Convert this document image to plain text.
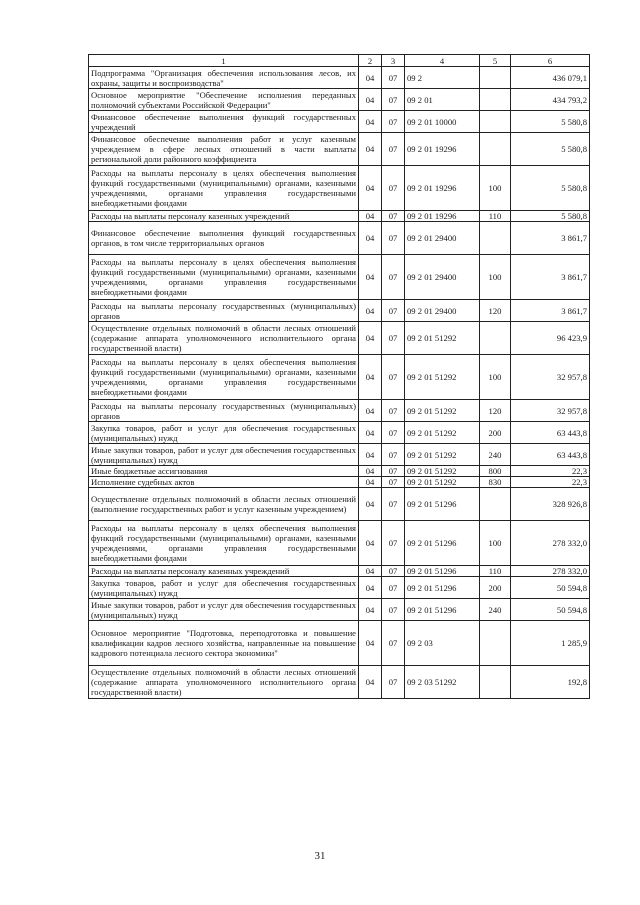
1	2	3	4	5	6
Подпрограмма "Организация обеспечения использования лесов, их охраны, защиты и воспроизводства"	04	07	09 2		436 079,1
Основное мероприятие "Обеспечение исполнения переданных полномочий субъектами Российской Федерации"	04	07	09 2 01		434 793,2
Финансовое обеспечение выполнения функций государственных учреждений	04	07	09 2 01 10000		5 580,8
Финансовое обеспечение выполнения работ и услуг казенным учреждением в сфере лесных отношений в части выплаты региональной доли районного коэффициента	04	07	09 2 01 19296		5 580,8
Расходы на выплаты персоналу в целях обеспечения выполнения функций государственными (муниципальными) органами, казенными учреждениями, органами управления государственными внебюджетными фондами	04	07	09 2 01 19296	100	5 580,8
Расходы на выплаты персоналу казенных учреждений	04	07	09 2 01 19296	110	5 580,8
Финансовое обеспечение выполнения функций государственных органов, в том числе территориальных органов	04	07	09 2 01 29400		3 861,7
Расходы на выплаты персоналу в целях обеспечения выполнения функций государственными (муниципальными) органами, казенными учреждениями, органами управления государственными внебюджетными фондами	04	07	09 2 01 29400	100	3 861,7
Расходы на выплаты персоналу государственных (муниципальных) органов	04	07	09 2 01 29400	120	3 861,7
Осуществление отдельных полномочий в области лесных отношений (содержание аппарата уполномоченного исполнительного органа государственной власти)	04	07	09 2 01 51292		96 423,9
Расходы на выплаты персоналу в целях обеспечения выполнения функций государственными (муниципальными) органами, казенными учреждениями, органами управления государственными внебюджетными фондами	04	07	09 2 01 51292	100	32 957,8
Расходы на выплаты персоналу государственных (муниципальных) органов	04	07	09 2 01 51292	120	32 957,8
Закупка товаров, работ и услуг для обеспечения государственных (муниципальных) нужд	04	07	09 2 01 51292	200	63 443,8
Иные закупки товаров, работ и услуг для обеспечения государственных (муниципальных) нужд	04	07	09 2 01 51292	240	63 443,8
Иные бюджетные ассигнования	04	07	09 2 01 51292	800	22,3
Исполнение судебных актов	04	07	09 2 01 51292	830	22,3
Осуществление отдельных полномочий в области лесных отношений (выполнение государственных работ и услуг казенным учреждением)	04	07	09 2 01 51296		328 926,8
Расходы на выплаты персоналу в целях обеспечения выполнения функций государственными (муниципальными) органами, казенными учреждениями, органами управления государственными внебюджетными фондами	04	07	09 2 01 51296	100	278 332,0
Расходы на выплаты персоналу казенных учреждений	04	07	09 2 01 51296	110	278 332,0
Закупка товаров, работ и услуг для обеспечения государственных (муниципальных) нужд	04	07	09 2 01 51296	200	50 594,8
Иные закупки товаров, работ и услуг для обеспечения государственных (муниципальных) нужд	04	07	09 2 01 51296	240	50 594,8
Основное мероприятие "Подготовка, переподготовка и повышение квалификации кадров лесного хозяйства, направленные на повышение кадрового потенциала лесного сектора экономики"	04	07	09 2 03		1 285,9
Осуществление отдельных полномочий в области лесных отношений (содержание аппарата уполномоченного исполнительного органа государственной власти)	04	07	09 2 03 51292		192,8
31
